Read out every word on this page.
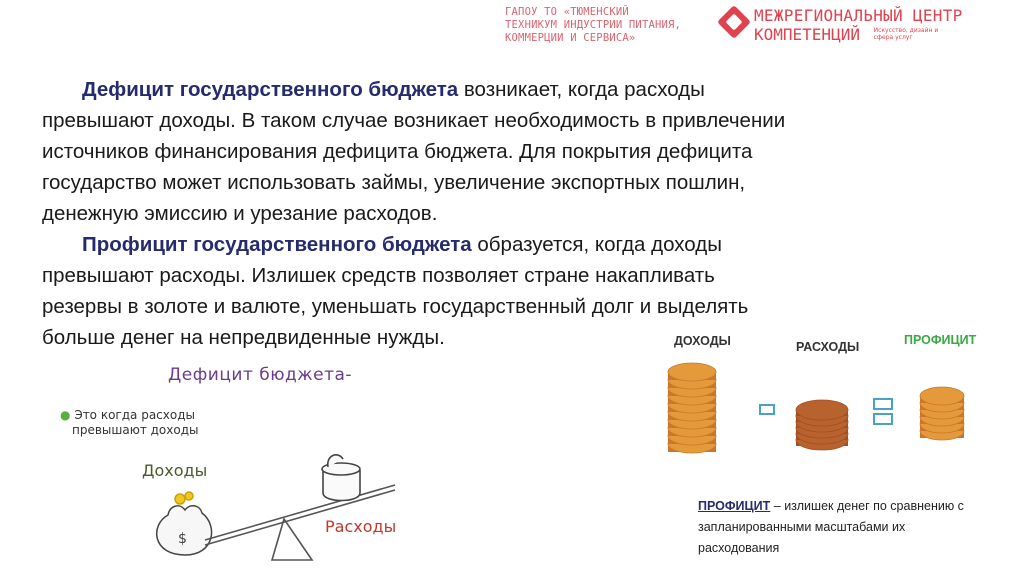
ГАПОУ ТО «ТЮМЕНСКИЙ
ТЕХНИКУМ ИНДУСТРИИ ПИТАНИЯ,
КОММЕРЦИИ И СЕРВИСА»
МЕЖРЕГИОНАЛЬНЫЙ ЦЕНТР
КОМПЕТЕНЦИЙ Искусство, дизайн и сфера услуг

Дефицит государственного бюджета возникает, когда расходы
превышают доходы. В таком случае возникает необходимость в привлечении
источников финансирования дефицита бюджета. Для покрытия дефицита
государство может использовать займы, увеличение экспортных пошлин,
денежную эмиссию и урезание расходов.

Профицит государственного бюджета образуется, когда доходы
превышают расходы. Излишек средств позволяет стране накапливать
резервы в золоте и валюте, уменьшать государственный долг и выделять
больше денег на непредвиденные нужды.

Дефицит бюджета-
● Это когда расходы
превышают доходы
Доходы
Расходы
$
ДОХОДЫ	РАСХОДЫ	ПРОФИЦИТ
ПРОФИЦИТ – излишек денег по сравнению с
запланированными масштабами их
расходования
